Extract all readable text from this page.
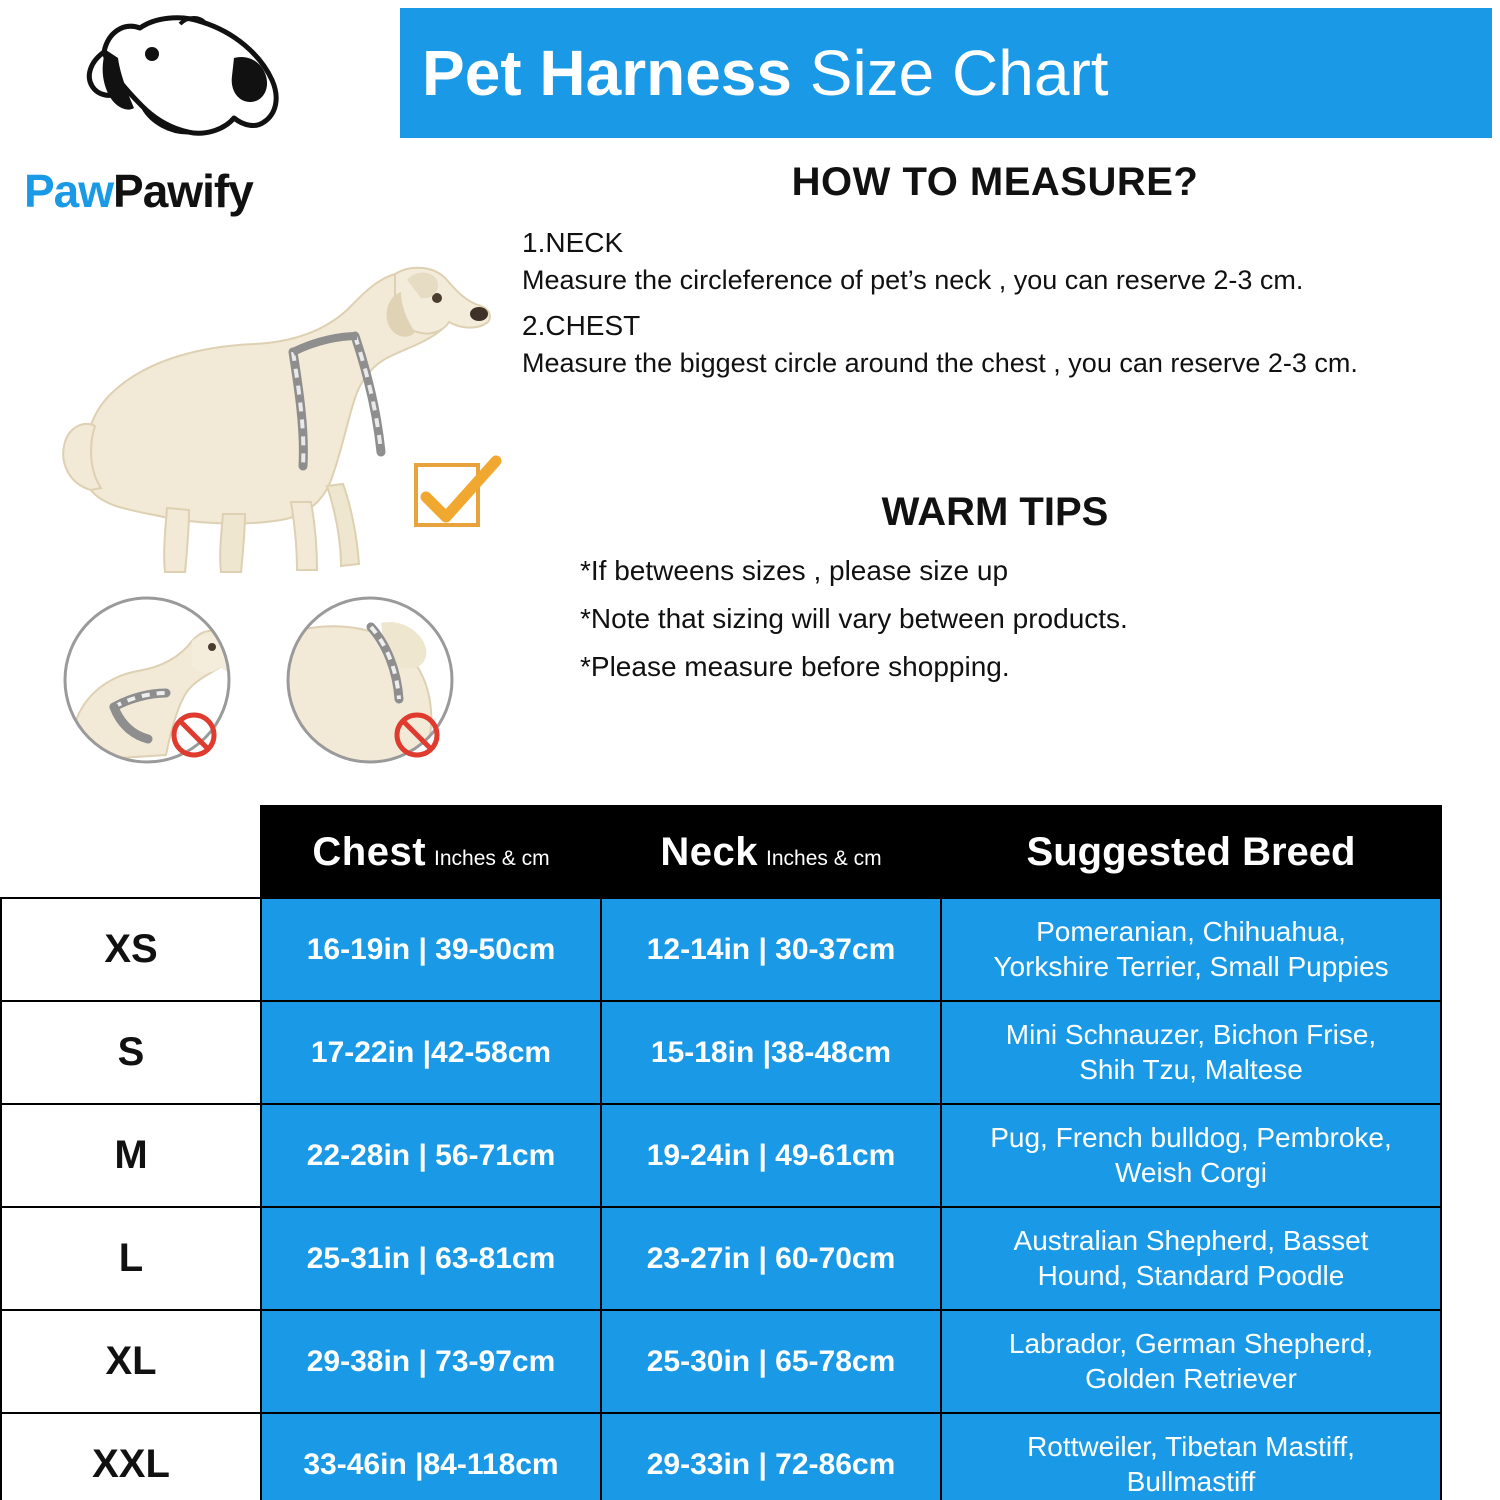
PawPawify
Pet Harness Size Chart
HOW TO MEASURE?
1.NECK
Measure the circleference of pet’s neck , you can reserve 2-3 cm.
2.CHEST
Measure the biggest circle around the chest , you can reserve 2-3 cm.
WARM TIPS
*If betweens sizes , please size up
*Note that sizing will vary between products.
*Please measure before shopping.
	Chest Inches & cm	Neck Inches & cm	Suggested Breed
XS	16-19in | 39-50cm	12-14in | 30-37cm	Pomeranian, Chihuahua,
Yorkshire Terrier, Small Puppies

S	17-22in |42-58cm	15-18in |38-48cm	Mini Schnauzer, Bichon Frise,
Shih Tzu, Maltese

M	22-28in | 56-71cm	19-24in | 49-61cm	Pug, French bulldog, Pembroke,
Weish Corgi

L	25-31in | 63-81cm	23-27in | 60-70cm	Australian Shepherd, Basset
Hound, Standard Poodle

XL	29-38in | 73-97cm	25-30in | 65-78cm	Labrador, German Shepherd,
Golden Retriever

XXL	33-46in |84-118cm	29-33in | 72-86cm	Rottweiler, Tibetan Mastiff,
Bullmastiff
